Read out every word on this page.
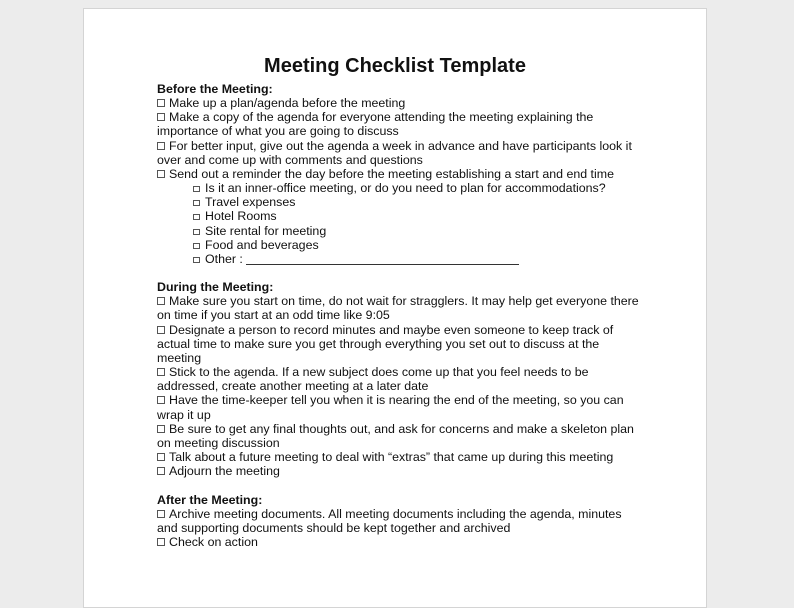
Meeting Checklist Template
Before the Meeting:
Make up a plan/agenda before the meeting
Make a copy of the agenda for everyone attending the meeting explaining the
importance of what you are going to discuss
For better input, give out the agenda a week in advance and have participants look it
over and come up with comments and questions
Send out a reminder the day before the meeting establishing a start and end time
Is it an inner-office meeting, or do you need to plan for accommodations?
Travel expenses
Hotel Rooms
Site rental for meeting
Food and beverages
Other :
During the Meeting:
Make sure you start on time, do not wait for stragglers. It may help get everyone there
on time if you start at an odd time like 9:05
Designate a person to record minutes and maybe even someone to keep track of
actual time to make sure you get through everything you set out to discuss at the
meeting
Stick to the agenda. If a new subject does come up that you feel needs to be
addressed, create another meeting at a later date
Have the time-keeper tell you when it is nearing the end of the meeting, so you can
wrap it up
Be sure to get any final thoughts out, and ask for concerns and make a skeleton plan
on meeting discussion
Talk about a future meeting to deal with “extras” that came up during this meeting
Adjourn the meeting
After the Meeting:
Archive meeting documents. All meeting documents including the agenda, minutes
and supporting documents should be kept together and archived
Check on action
